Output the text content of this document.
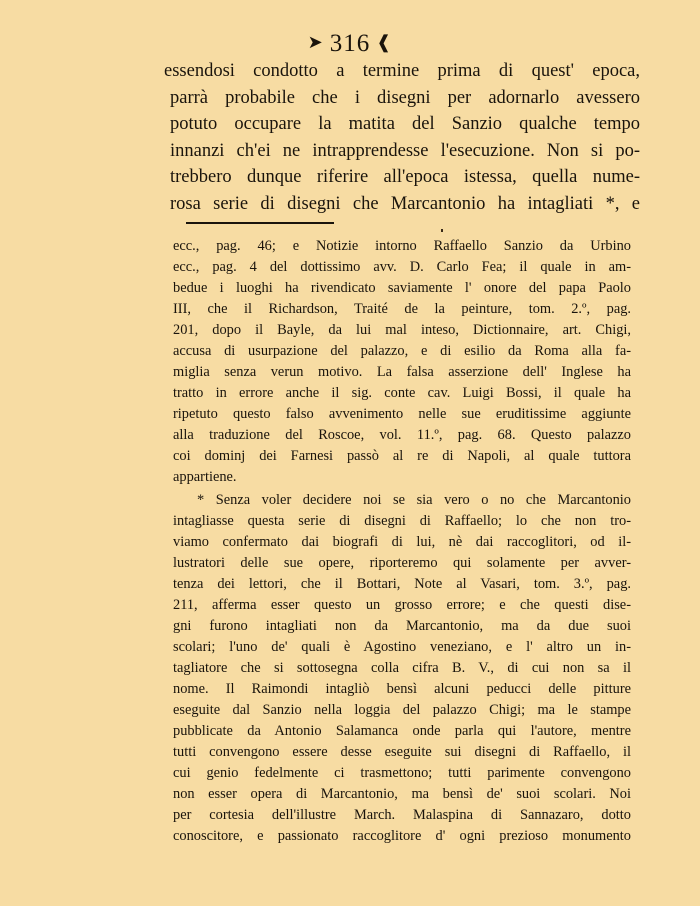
➤ 316 ❰
essendosi condotto a termine prima di quest' epoca,
parrà probabile che i disegni per adornarlo avessero
potuto occupare la matita del Sanzio qualche tempo
innanzi ch'ei ne intrapprendesse l'esecuzione. Non si po-
trebbero dunque riferire all'epoca istessa, quella nume-
rosa serie di disegni che Marcantonio ha intagliati *, e
ecc., pag. 46; e Notizie intorno Raffaello Sanzio da Urbino
ecc., pag. 4 del dottissimo avv. D. Carlo Fea; il quale in am-
bedue i luoghi ha rivendicato saviamente l' onore del papa Paolo
III, che il Richardson, Traité de la peinture, tom. 2.º, pag.
201, dopo il Bayle, da lui mal inteso, Dictionnaire, art. Chigi,
accusa di usurpazione del palazzo, e di esilio da Roma alla fa-
miglia senza verun motivo. La falsa asserzione dell' Inglese ha
tratto in errore anche il sig. conte cav. Luigi Bossi, il quale ha
ripetuto questo falso avvenimento nelle sue eruditissime aggiunte
alla traduzione del Roscoe, vol. 11.º, pag. 68. Questo palazzo
coi dominj dei Farnesi passò al re di Napoli, al quale tuttora
appartiene.
* Senza voler decidere noi se sia vero o no che Marcantonio
intagliasse questa serie di disegni di Raffaello; lo che non tro-
viamo confermato dai biografi di lui, nè dai raccoglitori, od il-
lustratori delle sue opere, riporteremo qui solamente per avver-
tenza dei lettori, che il Bottari, Note al Vasari, tom. 3.º, pag.
211, afferma esser questo un grosso errore; e che questi dise-
gni furono intagliati non da Marcantonio, ma da due suoi
scolari; l'uno de' quali è Agostino veneziano, e l' altro un in-
tagliatore che si sottosegna colla cifra B. V., di cui non sa il
nome. Il Raimondi intagliò bensì alcuni peducci delle pitture
eseguite dal Sanzio nella loggia del palazzo Chigi; ma le stampe
pubblicate da Antonio Salamanca onde parla qui l'autore, mentre
tutti convengono essere desse eseguite sui disegni di Raffaello, il
cui genio fedelmente ci trasmettono; tutti parimente convengono
non esser opera di Marcantonio, ma bensì de' suoi scolari. Noi
per cortesia dell'illustre March. Malaspina di Sannazaro, dotto
conoscitore, e passionato raccoglitore d' ogni prezioso monumento
